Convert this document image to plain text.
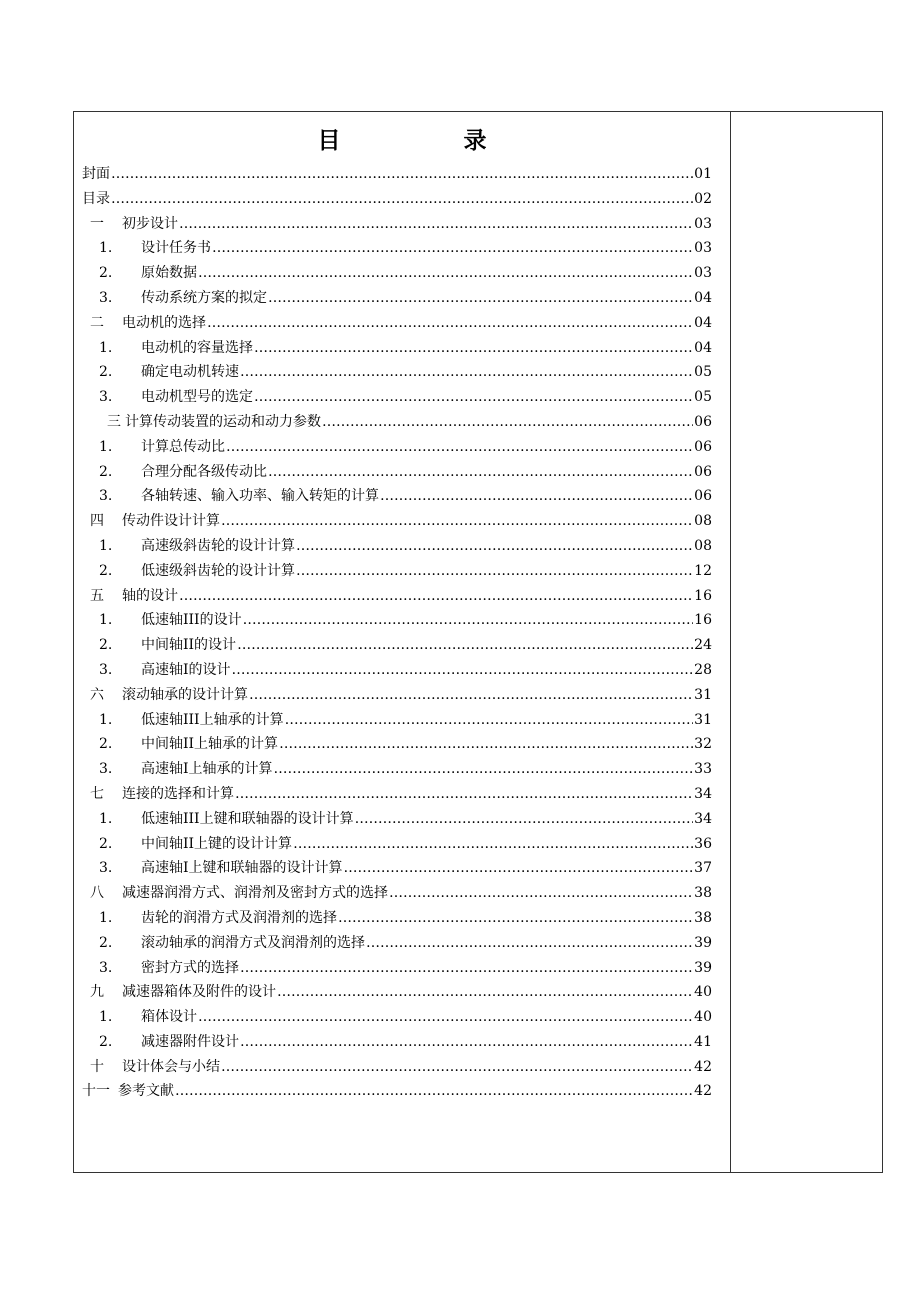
目　录
封面 ………………………………………………………………………………………………………………………………………………………………………	01
目录 ………………………………………………………………………………………………………………………………………………………………………	02
一	初步设计 ………………………………………………………………………………………………………………………………………………………………………	03
1.	设计任务书 ………………………………………………………………………………………………………………………………………………………………………	03
2.	原始数据 ………………………………………………………………………………………………………………………………………………………………………	03
3.	传动系统方案的拟定 ………………………………………………………………………………………………………………………………………………………………………	04
二	电动机的选择 ………………………………………………………………………………………………………………………………………………………………………	04
1.	电动机的容量选择 ………………………………………………………………………………………………………………………………………………………………………	04
2.	确定电动机转速 ………………………………………………………………………………………………………………………………………………………………………	05
3.	电动机型号的选定 ………………………………………………………………………………………………………………………………………………………………………	05
三 计算传动装置的运动和动力参数 ………………………………………………………………………………………………………………………………………………………………………	06
1.	计算总传动比 ………………………………………………………………………………………………………………………………………………………………………	06
2.	合理分配各级传动比 ………………………………………………………………………………………………………………………………………………………………………	06
3.	各轴转速、输入功率、输入转矩的计算 ………………………………………………………………………………………………………………………………………………………………………	06
四	传动件设计计算 ………………………………………………………………………………………………………………………………………………………………………	08
1.	高速级斜齿轮的设计计算 ………………………………………………………………………………………………………………………………………………………………………	08
2.	低速级斜齿轮的设计计算 ………………………………………………………………………………………………………………………………………………………………………	12
五	轴的设计 ………………………………………………………………………………………………………………………………………………………………………	16
1.	低速轴III的设计 ………………………………………………………………………………………………………………………………………………………………………	16
2.	中间轴II的设计 ………………………………………………………………………………………………………………………………………………………………………	24
3.	高速轴I的设计 ………………………………………………………………………………………………………………………………………………………………………	28
六	滚动轴承的设计计算 ………………………………………………………………………………………………………………………………………………………………………	31
1.	低速轴III上轴承的计算 ………………………………………………………………………………………………………………………………………………………………………	31
2.	中间轴II上轴承的计算 ………………………………………………………………………………………………………………………………………………………………………	32
3.	高速轴I上轴承的计算 ………………………………………………………………………………………………………………………………………………………………………	33
七	连接的选择和计算 ………………………………………………………………………………………………………………………………………………………………………	34
1.	低速轴III上键和联轴器的设计计算 ………………………………………………………………………………………………………………………………………………………………………	34
2.	中间轴II上键的设计计算 ………………………………………………………………………………………………………………………………………………………………………	36
3.	高速轴I上键和联轴器的设计计算 ………………………………………………………………………………………………………………………………………………………………………	37
八	减速器润滑方式、润滑剂及密封方式的选择 ………………………………………………………………………………………………………………………………………………………………………	38
1.	齿轮的润滑方式及润滑剂的选择 ………………………………………………………………………………………………………………………………………………………………………	38
2.	滚动轴承的润滑方式及润滑剂的选择 ………………………………………………………………………………………………………………………………………………………………………	39
3.	密封方式的选择 ………………………………………………………………………………………………………………………………………………………………………	39
九	减速器箱体及附件的设计 ………………………………………………………………………………………………………………………………………………………………………	40
1.	箱体设计 ………………………………………………………………………………………………………………………………………………………………………	40
2.	减速器附件设计 ………………………………………………………………………………………………………………………………………………………………………	41
十	设计体会与小结 ………………………………………………………………………………………………………………………………………………………………………	42
十一 参考文献 ………………………………………………………………………………………………………………………………………………………………………	42
